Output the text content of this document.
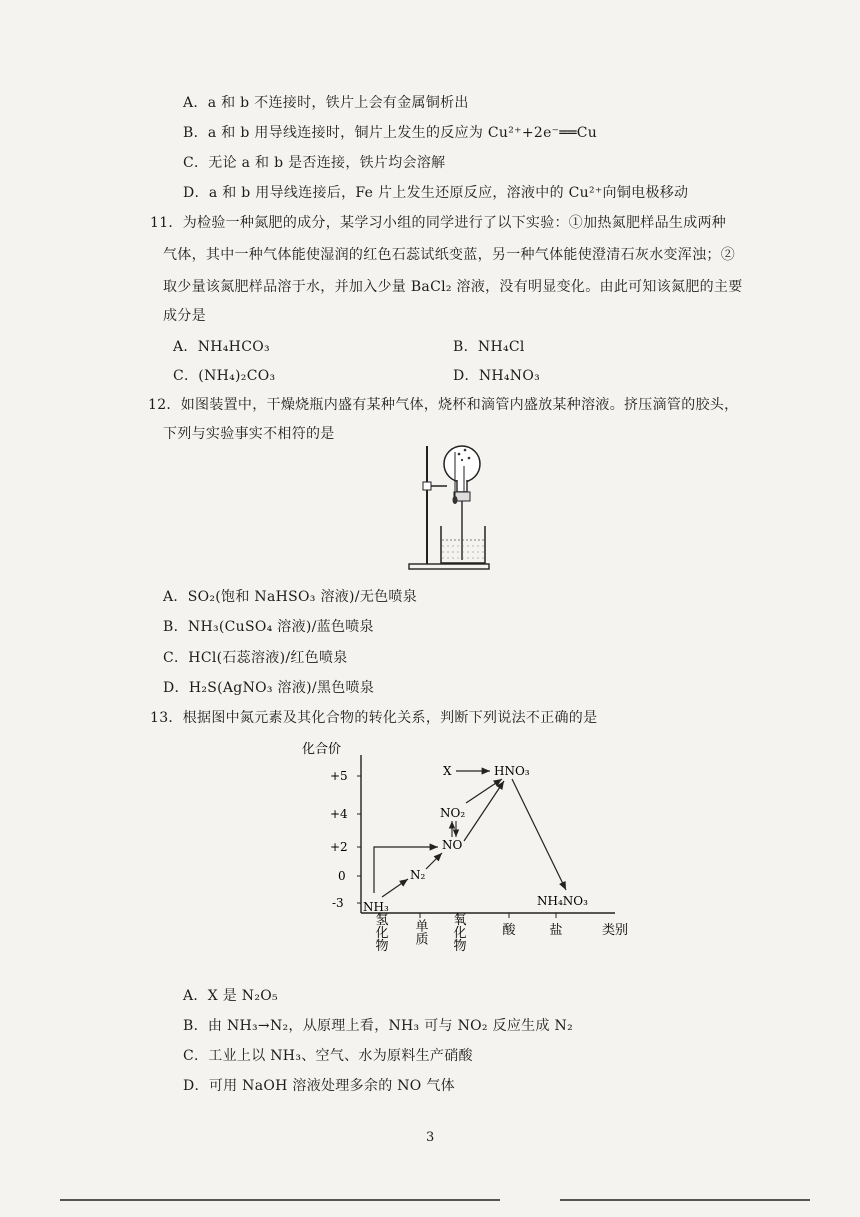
A．a 和 b 不连接时，铁片上会有金属铜析出
B．a 和 b 用导线连接时，铜片上发生的反应为 Cu²⁺+2e⁻══Cu
C．无论 a 和 b 是否连接，铁片均会溶解
D．a 和 b 用导线连接后，Fe 片上发生还原反应，溶液中的 Cu²⁺向铜电极移动
11．为检验一种氮肥的成分，某学习小组的同学进行了以下实验：①加热氮肥样品生成两种
气体，其中一种气体能使湿润的红色石蕊试纸变蓝，另一种气体能使澄清石灰水变浑浊；②
取少量该氮肥样品溶于水，并加入少量 BaCl₂ 溶液，没有明显变化。由此可知该氮肥的主要
成分是
A．NH₄HCO₃	B．NH₄Cl
C．(NH₄)₂CO₃	D．NH₄NO₃
12．如图装置中，干燥烧瓶内盛有某种气体，烧杯和滴管内盛放某种溶液。挤压滴管的胶头，
下列与实验事实不相符的是
A．SO₂(饱和 NaHSO₃ 溶液)/无色喷泉
B．NH₃(CuSO₄ 溶液)/蓝色喷泉
C．HCl(石蕊溶液)/红色喷泉
D．H₂S(AgNO₃ 溶液)/黑色喷泉
13．根据图中氮元素及其化合物的转化关系，判断下列说法不正确的是
化合价
+5
+4
+2
0
-3
氢化物 单质 氧化物	酸	盐	类别
NH₃
N₂
NO
NO₂
HNO₃
X
NH₄NO₃
A．X 是 N₂O₅
B．由 NH₃→N₂，从原理上看，NH₃ 可与 NO₂ 反应生成 N₂
C．工业上以 NH₃、空气、水为原料生产硝酸
D．可用 NaOH 溶液处理多余的 NO 气体
3
